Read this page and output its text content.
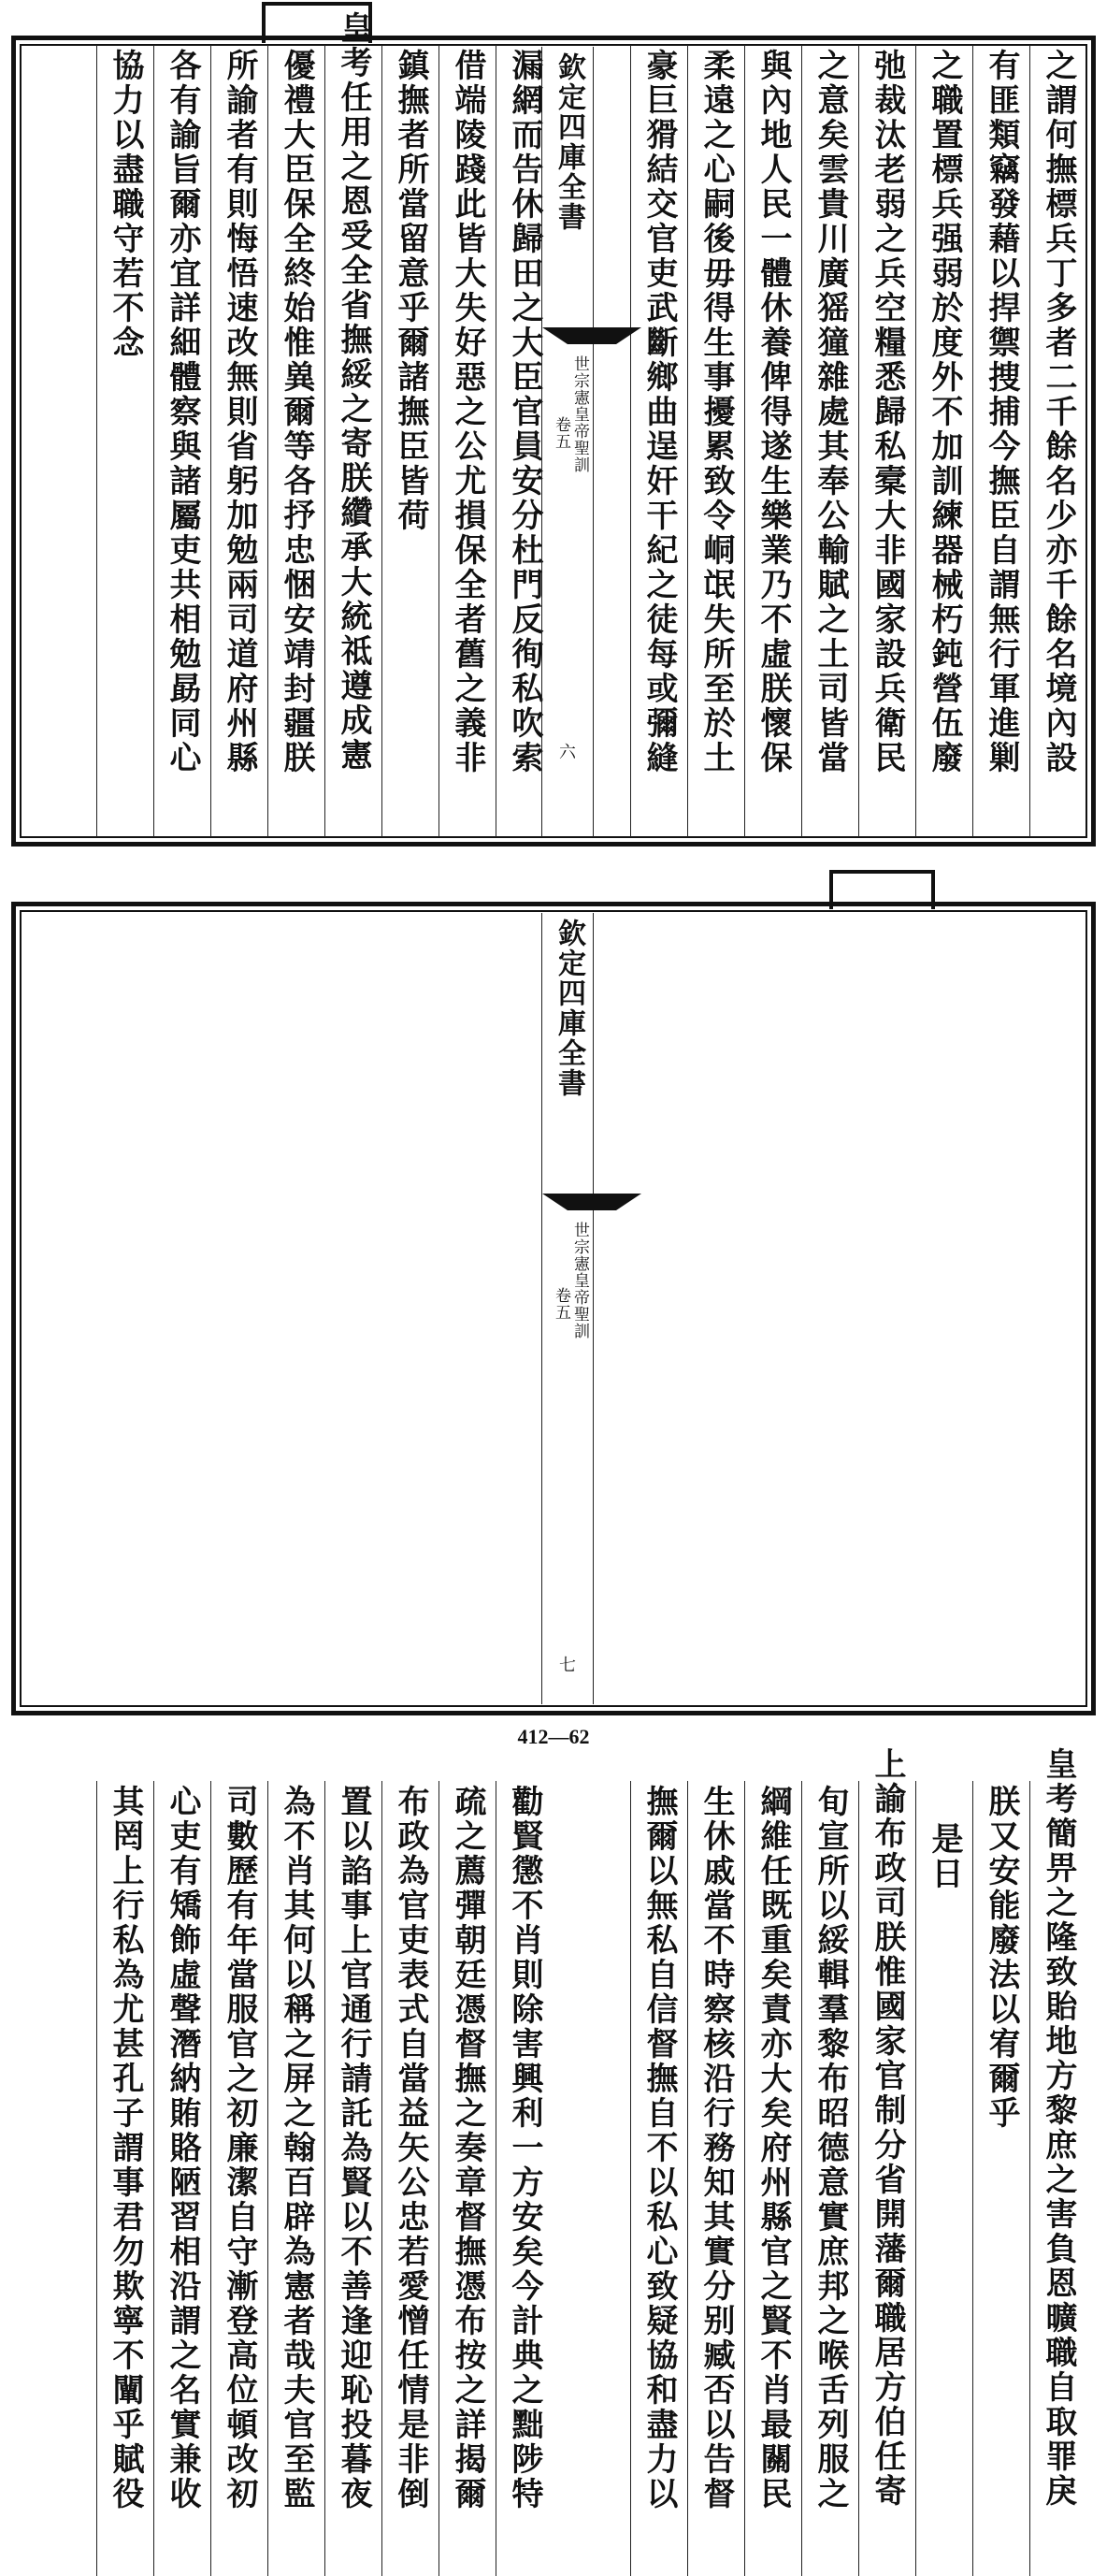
之謂何撫標兵丁多者二千餘名少亦千餘名境內設
有匪類竊發藉以捍禦捜捕今撫臣自謂無行軍進剿
之職置標兵强弱於度外不加訓練器械朽鈍營伍廢
弛裁汰老弱之兵空糧悉歸私槖大非國家設兵衛民
之意矣雲貴川廣猺獞雜處其奉公輸賦之土司皆當
與內地人民一體休養俾得遂生樂業乃不虛朕懷保
柔遠之心嗣後毋得生事擾累致令峒氓失所至於土
豪巨猾結交官吏武斷鄉曲逞奸干紀之徒每或彌縫
漏網而告休歸田之大臣官員安分杜門反徇私吹索
借端陵踐此皆大失好惡之公尤損保全者舊之義非
鎮撫者所當留意乎爾諸撫臣皆荷
皇考任用之恩受全省撫綏之寄朕纘承大統祗遵成憲
優禮大臣保全終始惟兾爾等各抒忠悃安靖封疆朕
所諭者有則悔悟速改無則省躬加勉兩司道府州縣
各有諭旨爾亦宜詳細體察與諸屬吏共相勉勗同心
協力以盡職守若不念	欽定四庫全書
世宗憲皇帝聖訓
卷五
六
皇考簡畀之隆致貽地方黎庶之害負恩曠職自取罪戾
朕又安能廢法以宥爾乎
是日
上諭布政司朕惟國家官制分省開藩爾職居方伯任寄
旬宣所以綏輯羣黎布昭德意實庶邦之喉舌列服之
綱維任既重矣責亦大矣府州縣官之賢不肖最關民
生休戚當不時察核沿行務知其實分别臧否以告督
撫爾以無私自信督撫自不以私心致疑協和盡力以
勸賢懲不肖則除害興利一方安矣今計典之黜陟特
疏之薦彈朝廷憑督撫之奏章督撫憑布按之詳揭爾
布政為官吏表式自當益矢公忠若愛憎任情是非倒
置以諂事上官通行請託為賢以不善逢迎恥投暮夜
為不肖其何以稱之屏之翰百辟為憲者哉夫官至監
司數歷有年當服官之初廉潔自守漸登高位頓改初
心吏有矯飾虛聲潛納賄賂陋習相沿謂之名實兼收
其罔上行私為尤甚孔子謂事君勿欺寧不闡乎賦役
欽定四庫全書
世宗憲皇帝聖訓
卷五
七
412—62
